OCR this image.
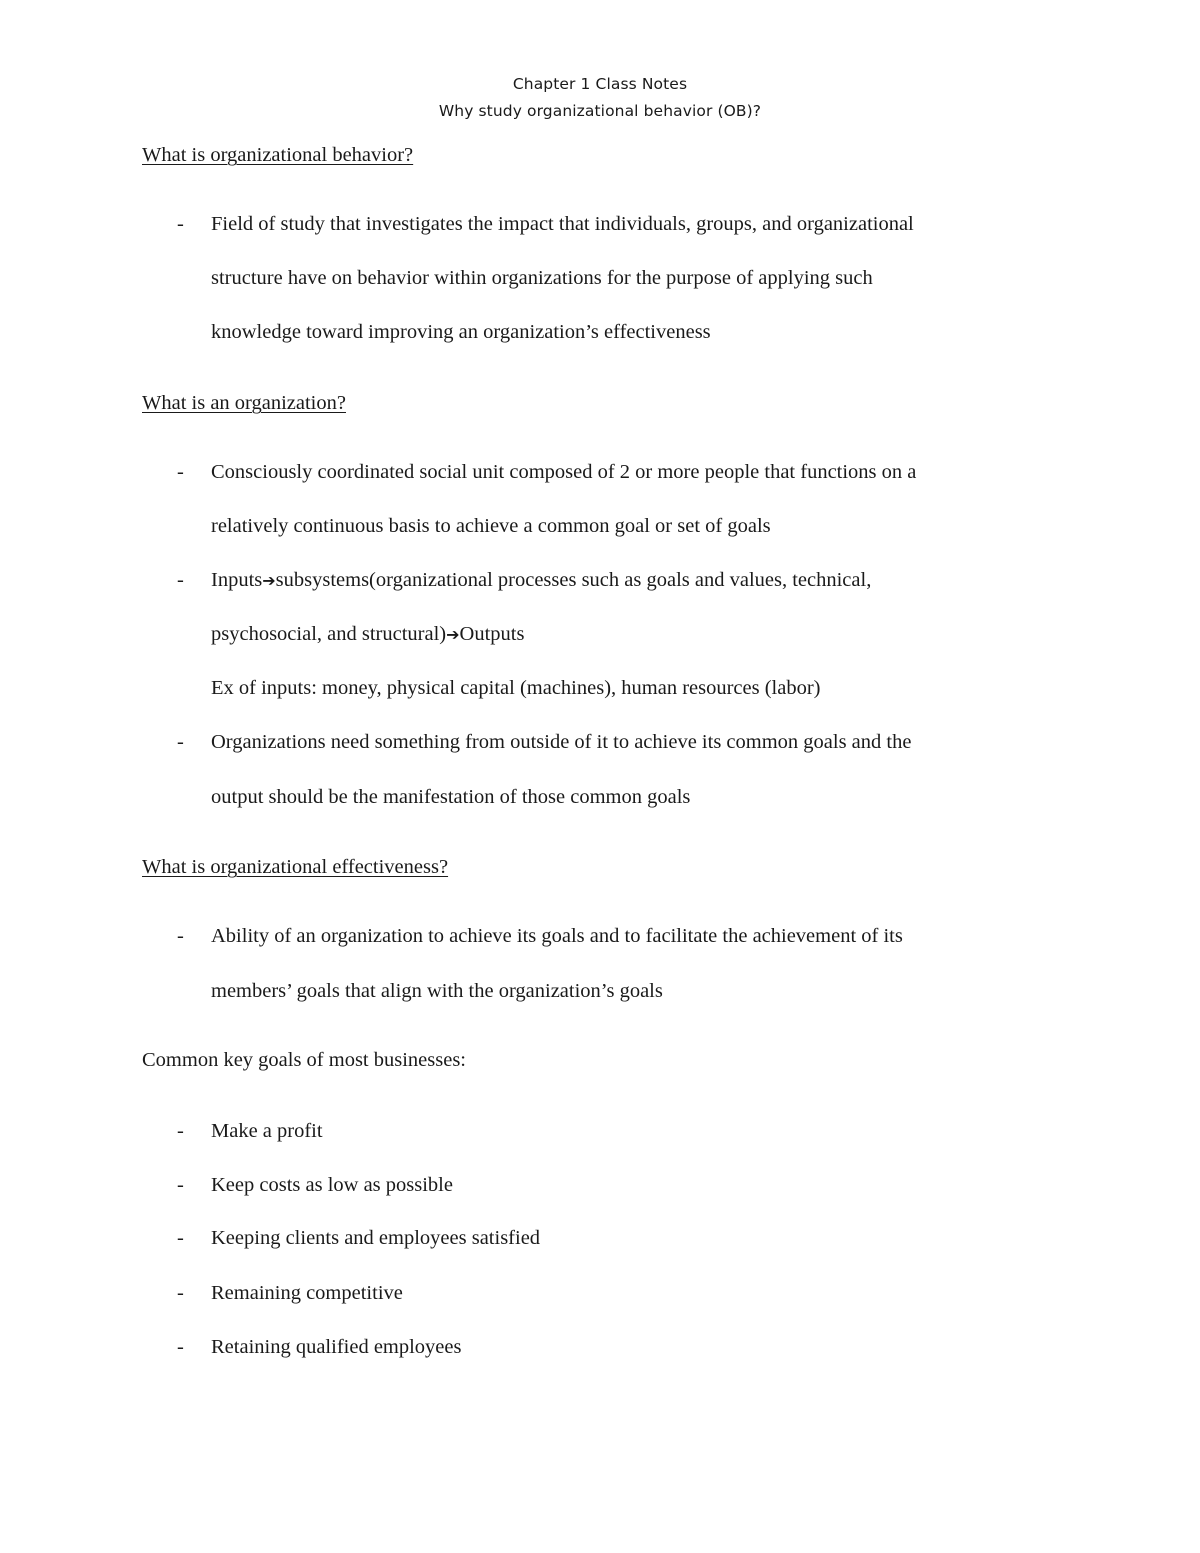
Chapter 1 Class Notes
Why study organizational behavior (OB)?
What is organizational behavior?
- Field of study that investigates the impact that individuals, groups, and organizational
structure have on behavior within organizations for the purpose of applying such
knowledge toward improving an organization’s effectiveness
What is an organization?
- Consciously coordinated social unit composed of 2 or more people that functions on a
relatively continuous basis to achieve a common goal or set of goals
- Inputs➔subsystems(organizational processes such as goals and values, technical,
psychosocial, and structural)➔Outputs
Ex of inputs: money, physical capital (machines), human resources (labor)
- Organizations need something from outside of it to achieve its common goals and the
output should be the manifestation of those common goals
What is organizational effectiveness?
- Ability of an organization to achieve its goals and to facilitate the achievement of its
members’ goals that align with the organization’s goals
Common key goals of most businesses:
- Make a profit
- Keep costs as low as possible
- Keeping clients and employees satisfied
- Remaining competitive
- Retaining qualified employees
